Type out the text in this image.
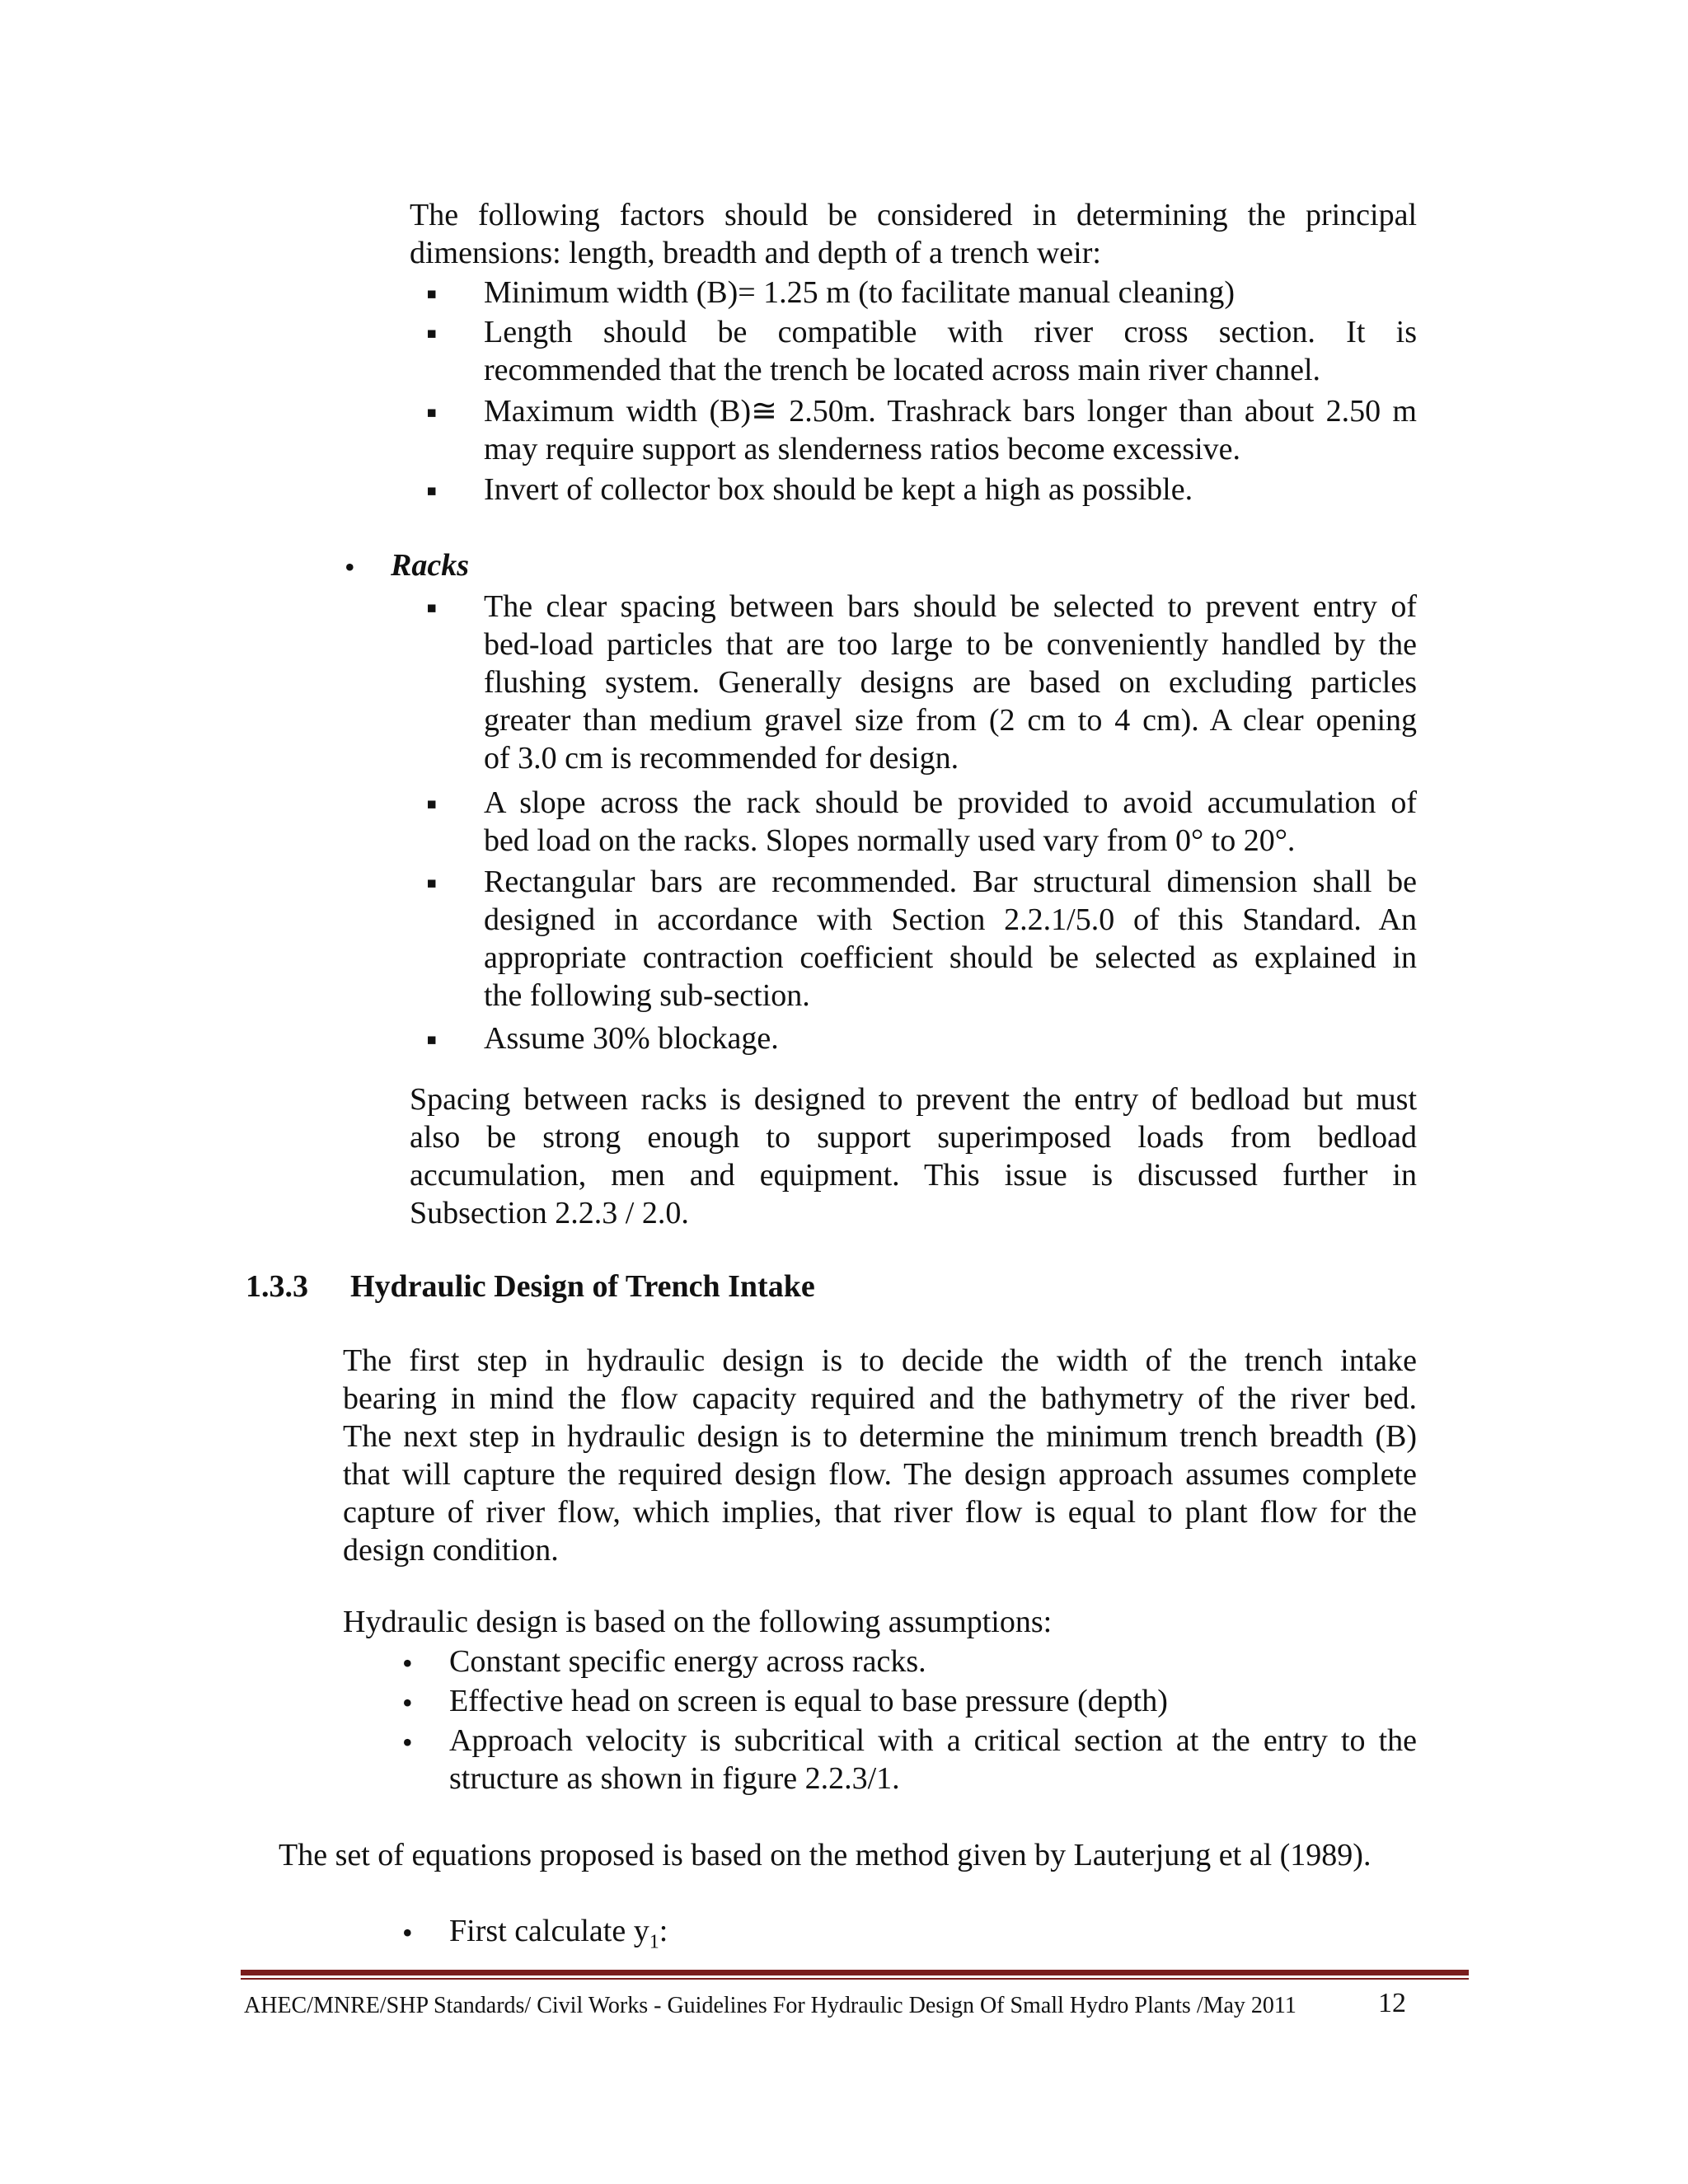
The following factors should be considered in determining the principal
dimensions: length, breadth and depth of a trench weir:
▪ Minimum width (B)= 1.25 m (to facilitate manual cleaning)
▪ Length should be compatible with river cross section. It is
recommended that the trench be located across main river channel.
▪ Maximum width (B)≅ 2.50m. Trashrack bars longer than about 2.50 m
may require support as slenderness ratios become excessive.
▪ Invert of collector box should be kept a high as possible.
• Racks
▪ The clear spacing between bars should be selected to prevent entry of
bed-load particles that are too large to be conveniently handled by the
flushing system. Generally designs are based on excluding particles
greater than medium gravel size from (2 cm to 4 cm). A clear opening
of 3.0 cm is recommended for design.
▪ A slope across the rack should be provided to avoid accumulation of
bed load on the racks. Slopes normally used vary from 0° to 20°.
▪ Rectangular bars are recommended. Bar structural dimension shall be
designed in accordance with Section 2.2.1/5.0 of this Standard. An
appropriate contraction coefficient should be selected as explained in
the following sub-section.
▪ Assume 30% blockage.
Spacing between racks is designed to prevent the entry of bedload but must
also be strong enough to support superimposed loads from bedload
accumulation, men and equipment. This issue is discussed further in
Subsection 2.2.3 / 2.0.
1.3.3 Hydraulic Design of Trench Intake
The first step in hydraulic design is to decide the width of the trench intake
bearing in mind the flow capacity required and the bathymetry of the river bed.
The next step in hydraulic design is to determine the minimum trench breadth (B)
that will capture the required design flow. The design approach assumes complete
capture of river flow, which implies, that river flow is equal to plant flow for the
design condition.
Hydraulic design is based on the following assumptions:
• Constant specific energy across racks.
• Effective head on screen is equal to base pressure (depth)
• Approach velocity is subcritical with a critical section at the entry to the
structure as shown in figure 2.2.3/1.
The set of equations proposed is based on the method given by Lauterjung et al (1989).
• First calculate $y_1$:
AHEC/MNRE/SHP Standards/ Civil Works - Guidelines For Hydraulic Design Of Small Hydro Plants /May 2011	12
